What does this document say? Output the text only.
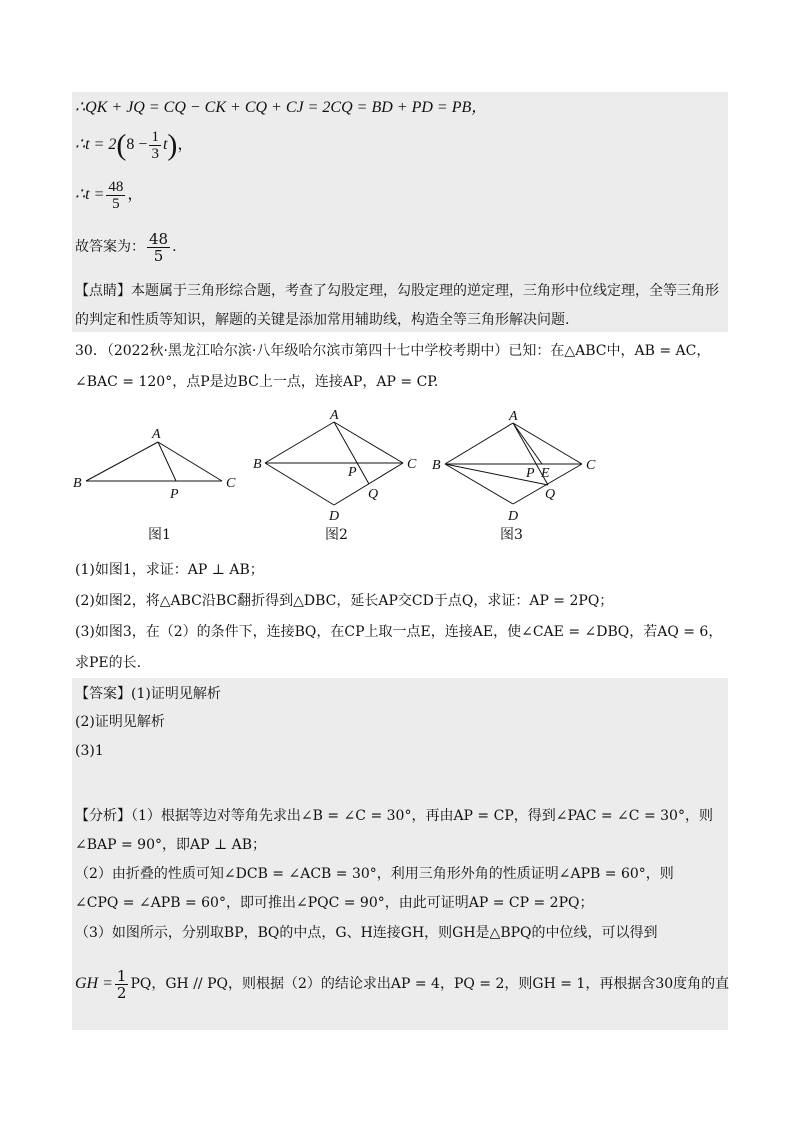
∴QK + JQ = CQ − CK + CQ + CJ = 2CQ = BD + PD = PB，
∴t = $2(8 - \frac{1}{3} t)$，
∴t = $\frac{48}{5}$ ，
故答案为： $\frac{48}{5}$ .
【点睛】本题属于三角形综合题，考查了勾股定理，勾股定理的逆定理，三角形中位线定理，全等三角形
的判定和性质等知识，解题的关键是添加常用辅助线，构造全等三角形解决问题.
30．（2022秋·黑龙江哈尔滨·八年级哈尔滨市第四十七中学校考期中）已知：在△ABC中，AB = AC，
∠BAC = 120°，点P是边BC上一点，连接AP，AP = CP.
A
B	C
P
A
B	C
D
P
Q
A
B	C
D
P E
Q
图1	图2	图3
(1)如图1，求证：AP ⊥ AB；
(2)如图2，将△ABC沿BC翻折得到△DBC，延长AP交CD于点Q，求证：AP = 2PQ；
(3)如图3，在（2）的条件下，连接BQ，在CP上取一点E，连接AE，使∠CAE = ∠DBQ，若AQ = 6，
求PE的长.
【答案】(1)证明见解析
(2)证明见解析
(3)1
【分析】（1）根据等边对等角先求出∠B = ∠C = 30°，再由AP = CP，得到∠PAC = ∠C = 30°，则
∠BAP = 90°，即AP ⊥ AB；
（2）由折叠的性质可知∠DCB = ∠ACB = 30°，利用三角形外角的性质证明∠APB = 60°，则
∠CPQ = ∠APB = 60°，即可推出∠PQC = 90°，由此可证明AP = CP = 2PQ；
（3）如图所示，分别取BP，BQ的中点，G、H连接GH，则GH是△BPQ的中位线，可以得到
GH = $\frac{1}{2}$ PQ，GH // PQ，则根据（2）的结论求出AP = 4，PQ = 2，则GH = 1，再根据含30度角的直
